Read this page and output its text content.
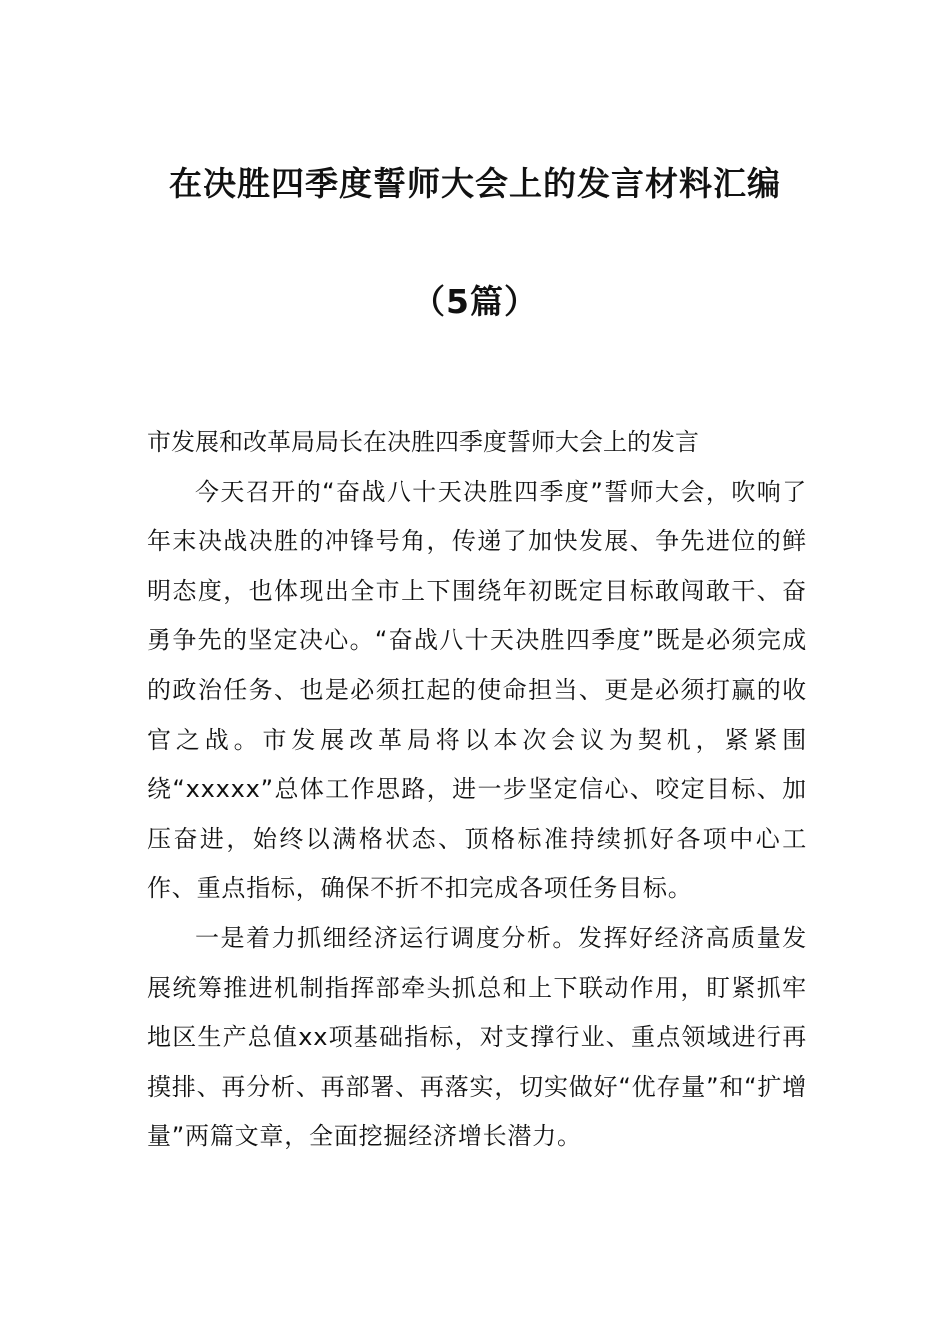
在决胜四季度誓师大会上的发言材料汇编
（5篇）

市发展和改革局局长在决胜四季度誓师大会上的发言

今天召开的“奋战八十天决胜四季度”誓师大会，吹响了年末决战决胜的冲锋号角，传递了加快发展、争先进位的鲜明态度，也体现出全市上下围绕年初既定目标敢闯敢干、奋勇争先的坚定决心。“奋战八十天决胜四季度”既是必须完成的政治任务、也是必须扛起的使命担当、更是必须打赢的收官之战。市发展改革局将以本次会议为契机，紧紧围绕“xxxxx”总体工作思路，进一步坚定信心、咬定目标、加压奋进，始终以满格状态、顶格标准持续抓好各项中心工作、重点指标，确保不折不扣完成各项任务目标。

一是着力抓细经济运行调度分析。发挥好经济高质量发展统筹推进机制指挥部牵头抓总和上下联动作用，盯紧抓牢地区生产总值xx项基础指标，对支撑行业、重点领域进行再摸排、再分析、再部署、再落实，切实做好“优存量”和“扩增量”两篇文章，全面挖掘经济增长潜力。
